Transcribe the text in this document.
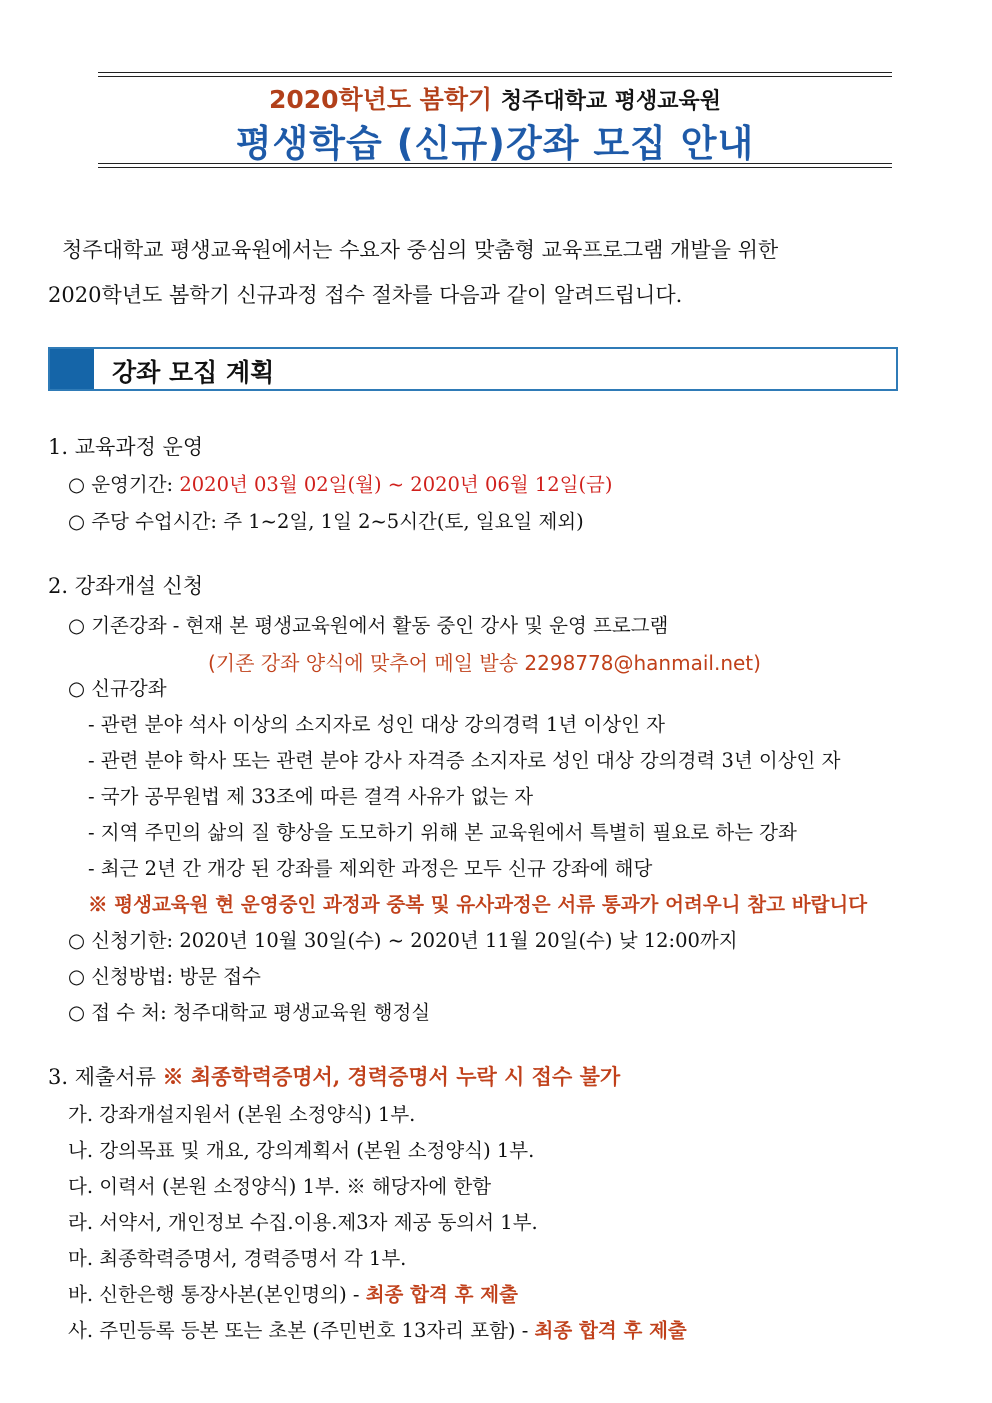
2020학년도 봄학기 청주대학교 평생교육원
평생학습 (신규)강좌 모집 안내
청주대학교 평생교육원에서는 수요자 중심의 맞춤형 교육프로그램 개발을 위한
2020학년도 봄학기 신규과정 접수 절차를 다음과 같이 알려드립니다.
강좌 모집 계획
1. 교육과정 운영
○ 운영기간: 2020년 03월 02일(월) ~ 2020년 06월 12일(금)
○ 주당 수업시간: 주 1~2일, 1일 2~5시간(토, 일요일 제외)
2. 강좌개설 신청
○ 기존강좌 - 현재 본 평생교육원에서 활동 중인 강사 및 운영 프로그램
(기존 강좌 양식에 맞추어 메일 발송 2298778@hanmail.net)
○ 신규강좌
- 관련 분야 석사 이상의 소지자로 성인 대상 강의경력 1년 이상인 자
- 관련 분야 학사 또는 관련 분야 강사 자격증 소지자로 성인 대상 강의경력 3년 이상인 자
- 국가 공무원법 제 33조에 따른 결격 사유가 없는 자
- 지역 주민의 삶의 질 향상을 도모하기 위해 본 교육원에서 특별히 필요로 하는 강좌
- 최근 2년 간 개강 된 강좌를 제외한 과정은 모두 신규 강좌에 해당
※ 평생교육원 현 운영중인 과정과 중복 및 유사과정은 서류 통과가 어려우니 참고 바랍니다
○ 신청기한: 2020년 10월 30일(수) ~ 2020년 11월 20일(수) 낮 12:00까지
○ 신청방법: 방문 접수
○ 접 수 처: 청주대학교 평생교육원 행정실
3. 제출서류 ※ 최종학력증명서, 경력증명서 누락 시 접수 불가
가. 강좌개설지원서 (본원 소정양식) 1부.
나. 강의목표 및 개요, 강의계획서 (본원 소정양식) 1부.
다. 이력서 (본원 소정양식) 1부. ※ 해당자에 한함
라. 서약서, 개인정보 수집.이용.제3자 제공 동의서 1부.
마. 최종학력증명서, 경력증명서 각 1부.
바. 신한은행 통장사본(본인명의) - 최종 합격 후 제출
사. 주민등록 등본 또는 초본 (주민번호 13자리 포함) - 최종 합격 후 제출
